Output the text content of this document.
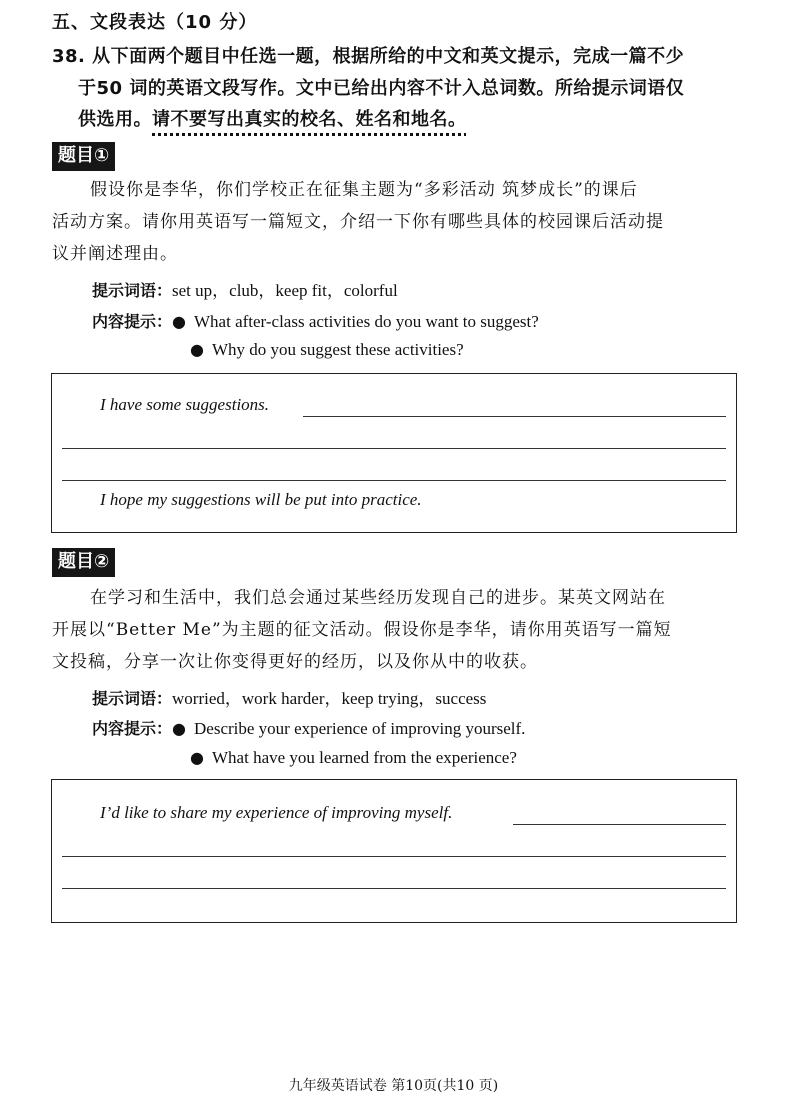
五、文段表达（10 分）
38. 从下面两个题目中任选一题，根据所给的中文和英文提示，完成一篇不少
于50 词的英语文段写作。文中已给出内容不计入总词数。所给提示词语仅
供选用。请不要写出真实的校名、姓名和地名。
题目①
假设你是李华，你们学校正在征集主题为“多彩活动 筑梦成长”的课后
活动方案。请你用英语写一篇短文，介绍一下你有哪些具体的校园课后活动提
议并阐述理由。
提示词语：set up，club，keep fit，colorful
内容提示：● What after-class activities do you want to suggest?
● Why do you suggest these activities?
I have some suggestions.
I hope my suggestions will be put into practice.
题目②
在学习和生活中，我们总会通过某些经历发现自己的进步。某英文网站在
开展以“Better Me”为主题的征文活动。假设你是李华，请你用英语写一篇短
文投稿，分享一次让你变得更好的经历，以及你从中的收获。
提示词语：worried，work harder，keep trying，success
内容提示：● Describe your experience of improving yourself.
● What have you learned from the experience?
I’d like to share my experience of improving myself.
九年级英语试卷 第10页(共10 页)
